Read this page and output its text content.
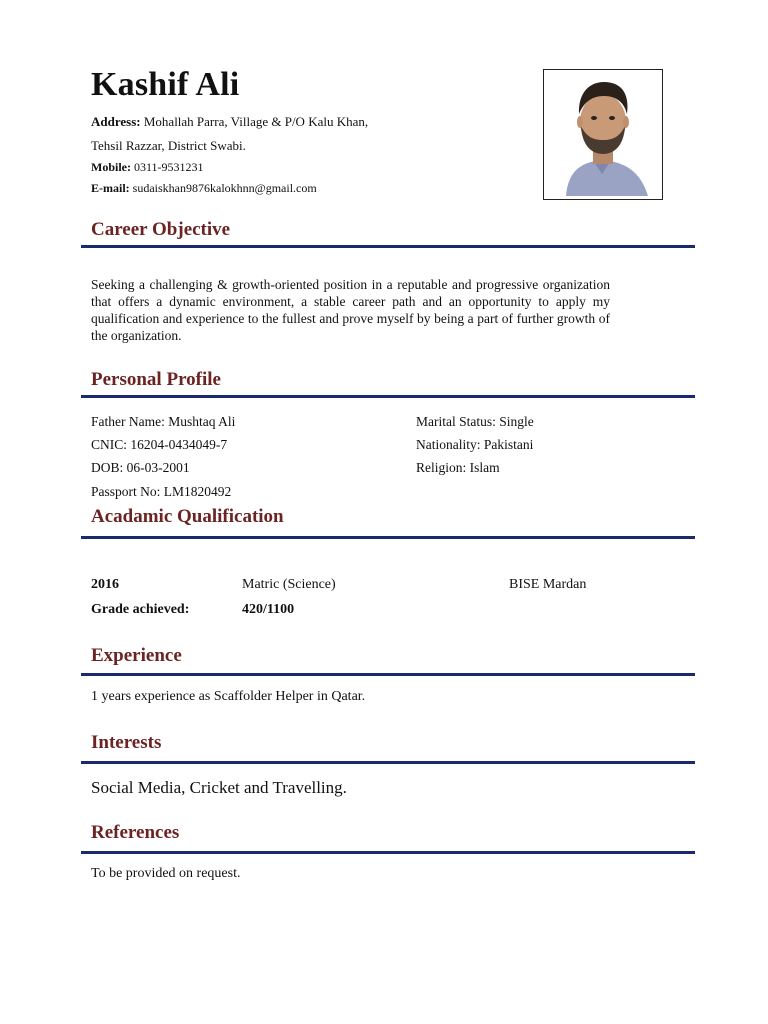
Kashif Ali
Address: Mohallah Parra, Village & P/O Kalu Khan,
Tehsil Razzar, District Swabi.
Mobile: 0311-9531231
E-mail: sudaiskhan9876kalokhnn@gmail.com
Career Objective
Seeking a challenging & growth-oriented position in a reputable and progressive organization that offers a dynamic environment, a stable career path and an opportunity to apply my qualification and experience to the fullest and prove myself by being a part of further growth of the organization.
Personal Profile
Father Name: Mushtaq Ali
CNIC: 16204-0434049-7
DOB: 06-03-2001
Passport No: LM1820492
Marital Status: Single
Nationality: Pakistani
Religion: Islam
Acadamic Qualification
2016	Matric (Science)	BISE Mardan
Grade achieved:	420/1100
Experience
1 years experience as Scaffolder Helper in Qatar.
Interests
Social Media, Cricket and Travelling.
References
To be provided on request.
